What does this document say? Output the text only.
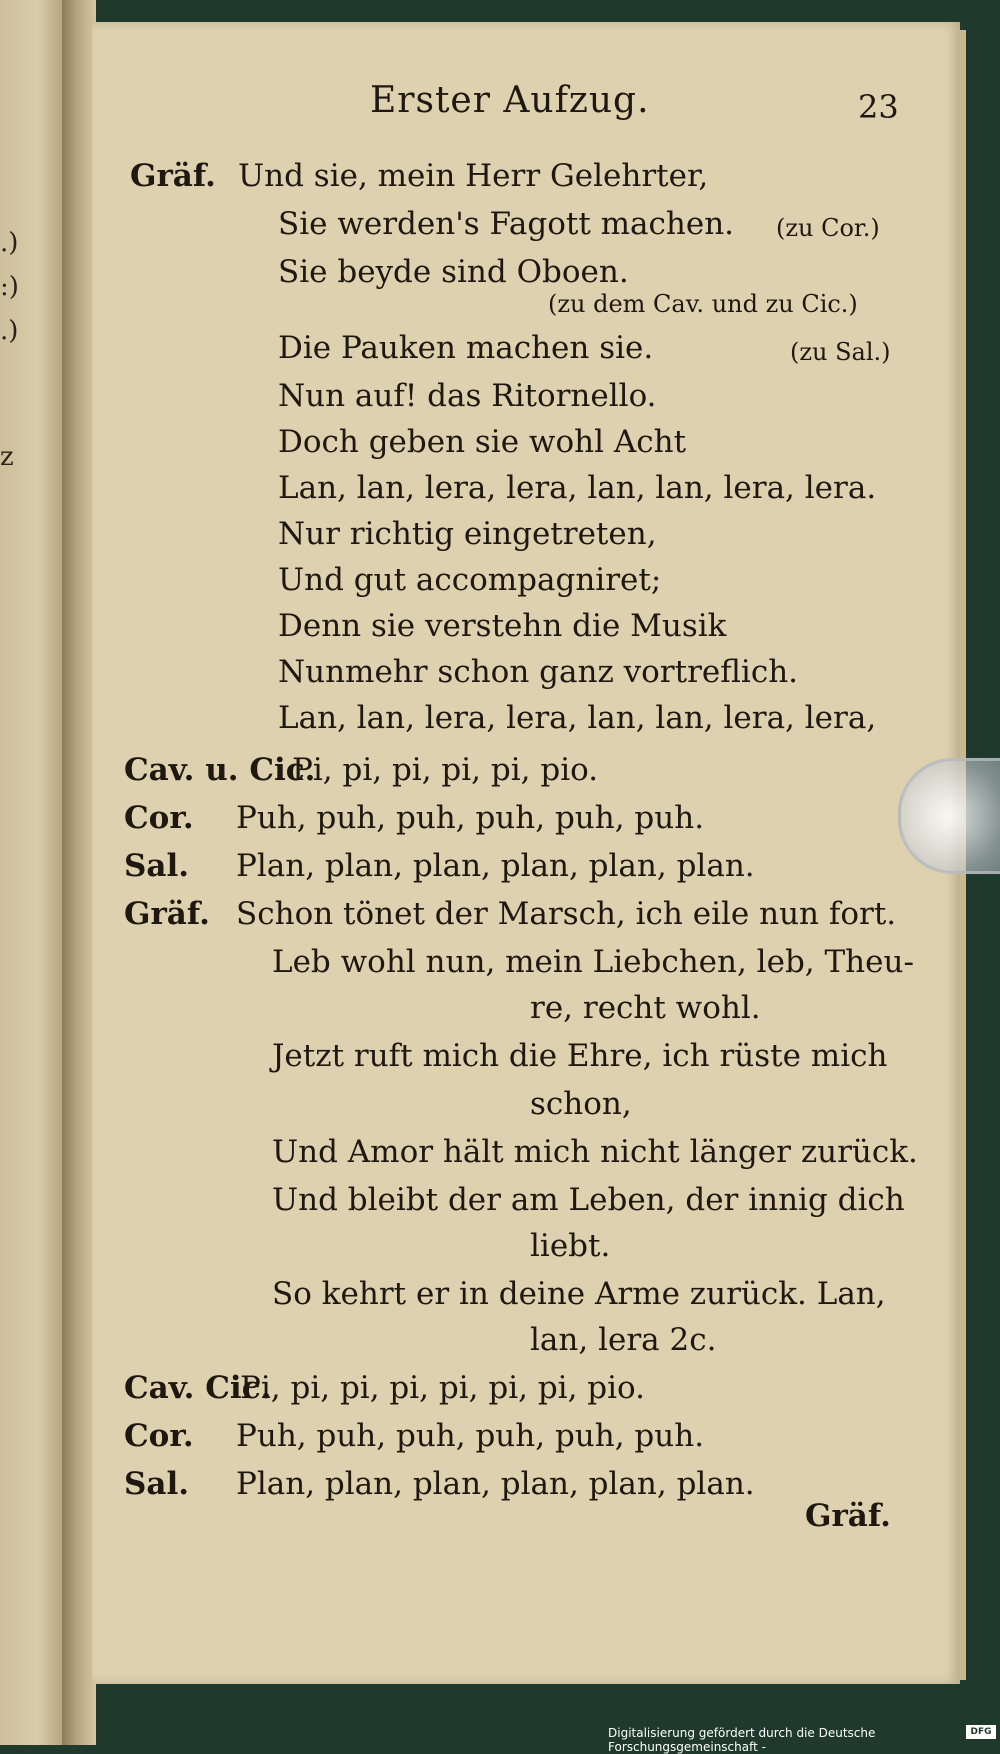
.)
:)
.)
z
Erster Aufzug.	23
Gräf. Und sie, mein Herr Gelehrter,
Sie werden's Fagott machen. (zu Cor.)
Sie beyde sind Oboen.
(zu dem Cav. und zu Cic.)
Die Pauken machen sie.	(zu Sal.)
Nun auf! das Ritornello.
Doch geben sie wohl Acht
Lan, lan, lera, lera, lan, lan, lera, lera.
Nur richtig eingetreten,
Und gut accompagniret;
Denn sie verstehn die Musik
Nunmehr schon ganz vortreflich.
Lan, lan, lera, lera, lan, lan, lera, lera,
Cav. u. Cic.
Pi, pi, pi, pi, pi, pio.
Cor. Puh, puh, puh, puh, puh, puh.
Sal. Plan, plan, plan, plan, plan, plan.
Gräf. Schon tönet der Marsch, ich eile nun fort.
Leb wohl nun, mein Liebchen, leb, Theu-
re, recht wohl.
Jetzt ruft mich die Ehre, ich rüste mich
schon,
Und Amor hält mich nicht länger zurück.
Und bleibt der am Leben, der innig dich
liebt.
So kehrt er in deine Arme zurück. Lan,
lan, lera 2c.
Cav. Cic.
Pi, pi, pi, pi, pi, pi, pi, pio.
Cor. Puh, puh, puh, puh, puh, puh.
Sal. Plan, plan, plan, plan, plan, plan.
Gräf.
Digitalisierung gefördert durch die Deutsche Forschungsgemeinschaft -
DFG
